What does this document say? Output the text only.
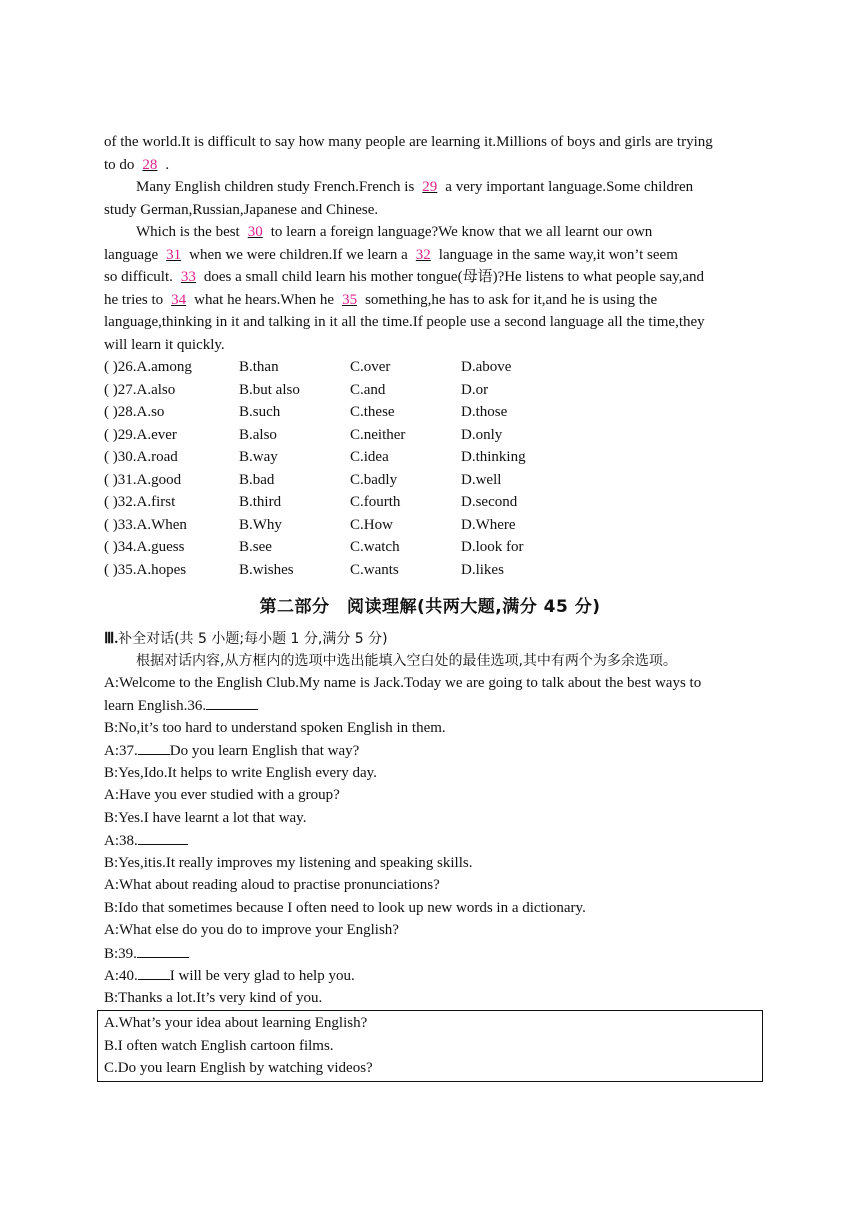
of the world.It is difficult to say how many people are learning it.Millions of boys and girls are trying
to do 28 .
Many English children study French.French is 29 a very important language.Some children
study German,Russian,Japanese and Chinese.
Which is the best 30 to learn a foreign language?We know that we all learnt our own
language 31 when we were children.If we learn a 32 language in the same way,it won’t seem
so difficult. 33 does a small child learn his mother tongue(母语)?He listens to what people say,and
he tries to 34 what he hears.When he 35 something,he has to ask for it,and he is using the
language,thinking in it and talking in it all the time.If people use a second language all the time,they
will learn it quickly.
( )26.A.among	B.than	C.over	D.above
( )27.A.also	B.but also	C.and	D.or
( )28.A.so	B.such	C.these	D.those
( )29.A.ever	B.also	C.neither	D.only
( )30.A.road	B.way	C.idea	D.thinking
( )31.A.good	B.bad	C.badly	D.well
( )32.A.first	B.third	C.fourth	D.second
( )33.A.When	B.Why	C.How	D.Where
( )34.A.guess	B.see	C.watch	D.look for
( )35.A.hopes	B.wishes	C.wants	D.likes
第二部分　阅读理解(共两大题,满分 45 分)
Ⅲ.补全对话(共 5 小题;每小题 1 分,满分 5 分)
根据对话内容,从方框内的选项中选出能填入空白处的最佳选项,其中有两个为多余选项。
A:Welcome to the English Club.My name is Jack.Today we are going to talk about the best ways to
learn English.36.
B:No,it’s too hard to understand spoken English in them.
A:37. Do you learn English that way?
B:Yes,Ido.It helps to write English every day.
A:Have you ever studied with a group?
B:Yes.I have learnt a lot that way.
A:38.
B:Yes,itis.It really improves my listening and speaking skills.
A:What about reading aloud to practise pronunciations?
B:Ido that sometimes because I often need to look up new words in a dictionary.
A:What else do you do to improve your English?
B:39.
A:40. I will be very glad to help you.
B:Thanks a lot.It’s very kind of you.
A.What’s your idea about learning English?
B.I often watch English cartoon films.
C.Do you learn English by watching videos?
